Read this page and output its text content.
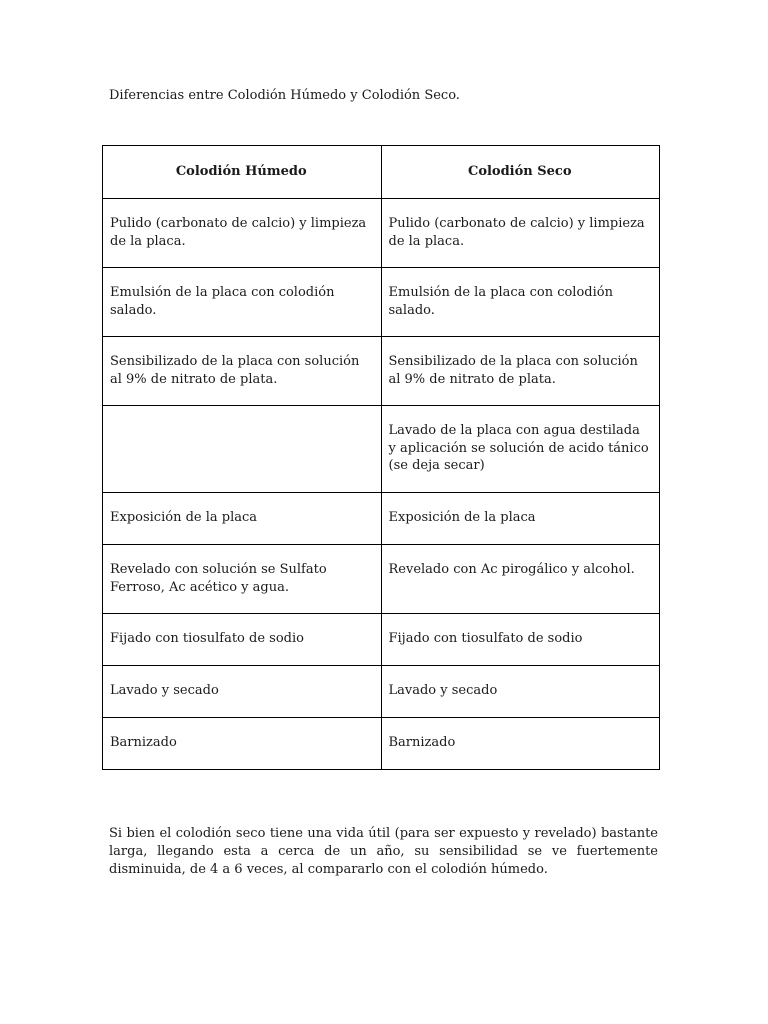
Diferencias entre Colodión Húmedo y Colodión Seco.
Colodión Húmedo	Colodión Seco
Pulido (carbonato de calcio) y limpieza de la placa.	Pulido (carbonato de calcio) y limpieza de la placa.
Emulsión de la placa con colodión salado.	Emulsión de la placa con colodión salado.
Sensibilizado de la placa con solución al 9% de nitrato de plata.	Sensibilizado de la placa con solución al 9% de nitrato de plata.
	Lavado de la placa con agua destilada y aplicación se solución de acido tánico (se deja secar)
Exposición de la placa	Exposición de la placa
Revelado con solución se Sulfato Ferroso, Ac acético y agua.	Revelado con Ac pirogálico y alcohol.
Fijado con tiosulfato de sodio	Fijado con tiosulfato de sodio
Lavado y secado	Lavado y secado
Barnizado	Barnizado

Si bien el colodión seco tiene una vida útil (para ser expuesto y revelado) bastante larga, llegando esta a cerca de un año, su sensibilidad se ve fuertemente disminuida, de 4 a 6 veces, al compararlo con el colodión húmedo.
